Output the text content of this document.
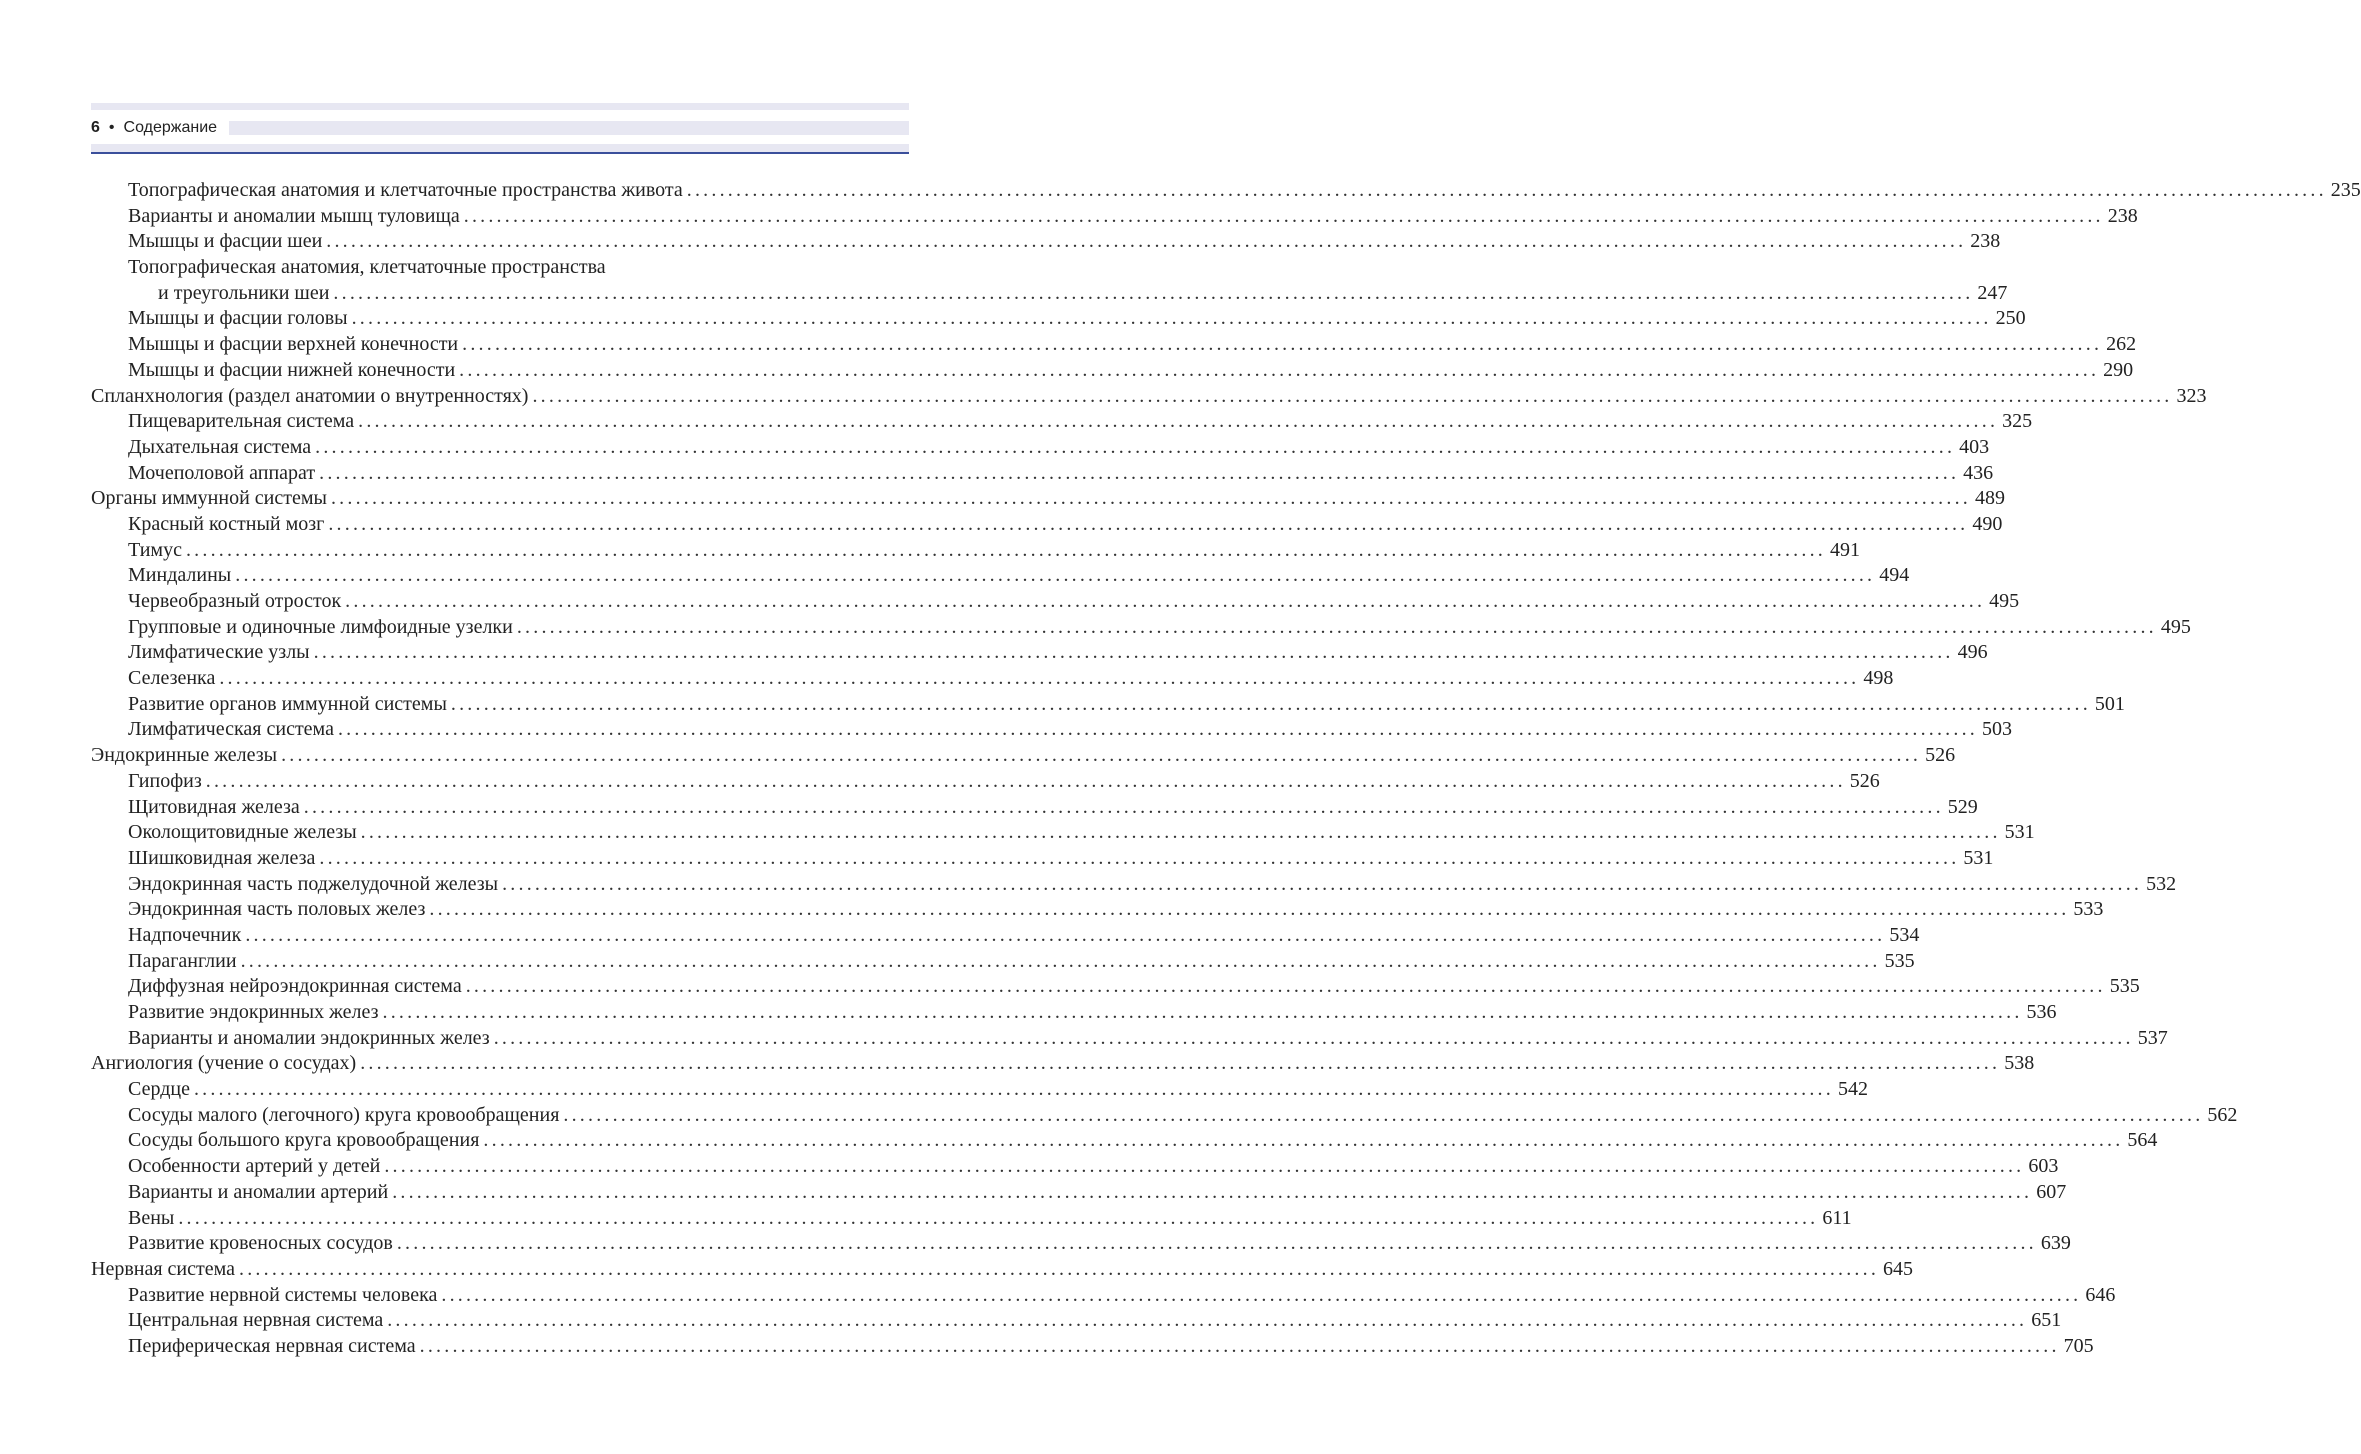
6 • Содержание
Топографическая анатомия и клетчаточные пространства живота ........................................................................................................................................................................................................ 235
Варианты и аномалии мышц туловища ........................................................................................................................................................................................................ 238
Мышцы и фасции шеи ........................................................................................................................................................................................................ 238
Топографическая анатомия, клетчаточные пространства
и треугольники шеи ........................................................................................................................................................................................................ 247
Мышцы и фасции головы ........................................................................................................................................................................................................ 250
Мышцы и фасции верхней конечности ........................................................................................................................................................................................................ 262
Мышцы и фасции нижней конечности ........................................................................................................................................................................................................ 290
Спланхнология (раздел анатомии о внутренностях) ........................................................................................................................................................................................................ 323
Пищеварительная система ........................................................................................................................................................................................................ 325
Дыхательная система ........................................................................................................................................................................................................ 403
Мочеполовой аппарат ........................................................................................................................................................................................................ 436
Органы иммунной системы ........................................................................................................................................................................................................ 489
Красный костный мозг ........................................................................................................................................................................................................ 490
Тимус ........................................................................................................................................................................................................ 491
Миндалины ........................................................................................................................................................................................................ 494
Червеобразный отросток ........................................................................................................................................................................................................ 495
Групповые и одиночные лимфоидные узелки ........................................................................................................................................................................................................ 495
Лимфатические узлы ........................................................................................................................................................................................................ 496
Селезенка ........................................................................................................................................................................................................ 498
Развитие органов иммунной системы ........................................................................................................................................................................................................ 501
Лимфатическая система ........................................................................................................................................................................................................ 503
Эндокринные железы ........................................................................................................................................................................................................ 526
Гипофиз ........................................................................................................................................................................................................ 526
Щитовидная железа ........................................................................................................................................................................................................ 529
Околощитовидные железы ........................................................................................................................................................................................................ 531
Шишковидная железа ........................................................................................................................................................................................................ 531
Эндокринная часть поджелудочной железы ........................................................................................................................................................................................................ 532
Эндокринная часть половых желез ........................................................................................................................................................................................................ 533
Надпочечник ........................................................................................................................................................................................................ 534
Параганглии ........................................................................................................................................................................................................ 535
Диффузная нейроэндокринная система ........................................................................................................................................................................................................ 535
Развитие эндокринных желез ........................................................................................................................................................................................................ 536
Варианты и аномалии эндокринных желез ........................................................................................................................................................................................................ 537
Ангиология (учение о сосудах) ........................................................................................................................................................................................................ 538
Сердце ........................................................................................................................................................................................................ 542
Сосуды малого (легочного) круга кровообращения ........................................................................................................................................................................................................ 562
Сосуды большого круга кровообращения ........................................................................................................................................................................................................ 564
Особенности артерий у детей ........................................................................................................................................................................................................ 603
Варианты и аномалии артерий ........................................................................................................................................................................................................ 607
Вены ........................................................................................................................................................................................................ 611
Развитие кровеносных сосудов ........................................................................................................................................................................................................ 639
Нервная система ........................................................................................................................................................................................................ 645
Развитие нервной системы человека ........................................................................................................................................................................................................ 646
Центральная нервная система ........................................................................................................................................................................................................ 651
Периферическая нервная система ........................................................................................................................................................................................................ 705
